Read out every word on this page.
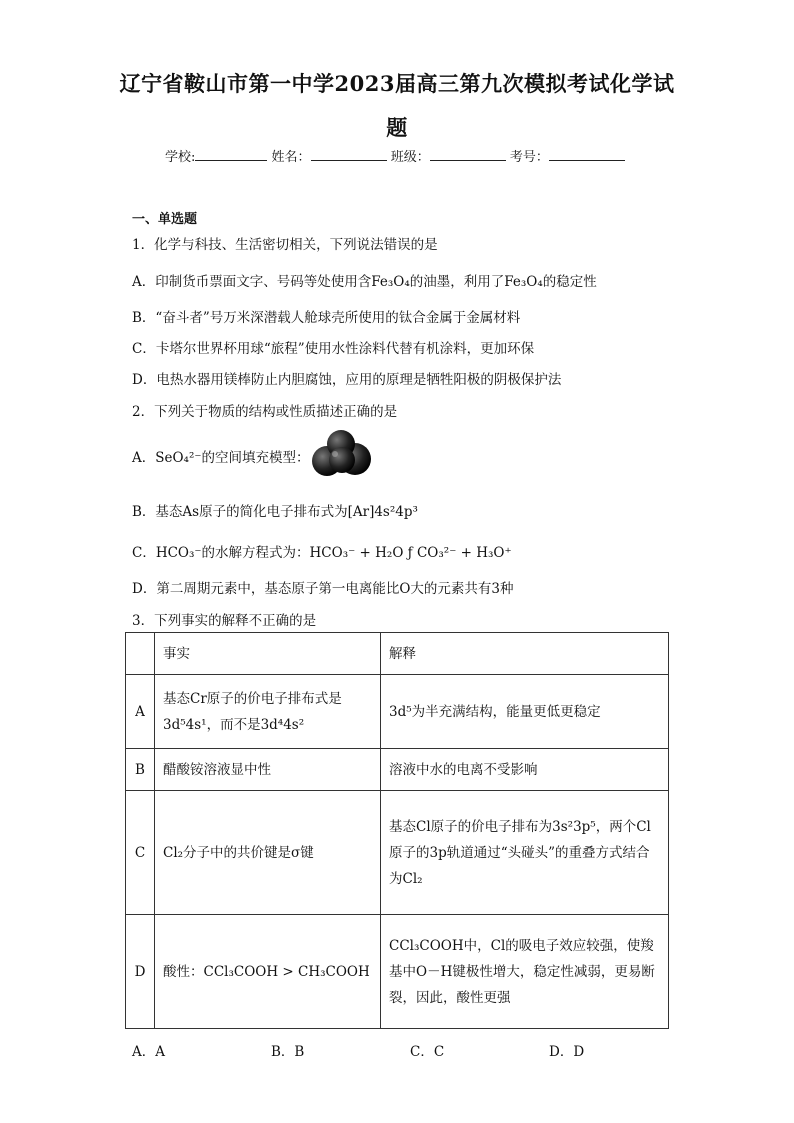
辽宁省鞍山市第一中学2023届高三第九次模拟考试化学试
题
学校:	姓名：	班级：	考号：
一、单选题
1．化学与科技、生活密切相关，下列说法错误的是
A．印制货币票面文字、号码等处使用含Fe₃O₄的油墨，利用了Fe₃O₄的稳定性
B．“奋斗者”号万米深潜载人舱球壳所使用的钛合金属于金属材料
C．卡塔尔世界杯用球“旅程”使用水性涂料代替有机涂料，更加环保
D．电热水器用镁棒防止内胆腐蚀，应用的原理是牺牲阳极的阴极保护法
2．下列关于物质的结构或性质描述正确的是
A．SeO₄²⁻的空间填充模型：
B．基态As原子的简化电子排布式为[Ar]4s²4p³
C．HCO₃⁻的水解方程式为：HCO₃⁻ + H₂O ƒ CO₃²⁻ + H₃O⁺
D．第二周期元素中，基态原子第一电离能比O大的元素共有3种
3．下列事实的解释不正确的是
	事实	解释
A	基态Cr原子的价电子排布式是3d⁵4s¹，而不是3d⁴4s²	3d⁵为半充满结构，能量更低更稳定
B	醋酸铵溶液显中性	溶液中水的电离不受影响
C	Cl₂分子中的共价键是σ键	基态Cl原子的价电子排布为3s²3p⁵，两个Cl原子的3p轨道通过“头碰头”的重叠方式结合为Cl₂
D	酸性：CCl₃COOH > CH₃COOH	CCl₃COOH中，Cl的吸电子效应较强，使羧基中O－H键极性增大，稳定性减弱，更易断裂，因此，酸性更强
A．A	B．B	C．C	D．D
